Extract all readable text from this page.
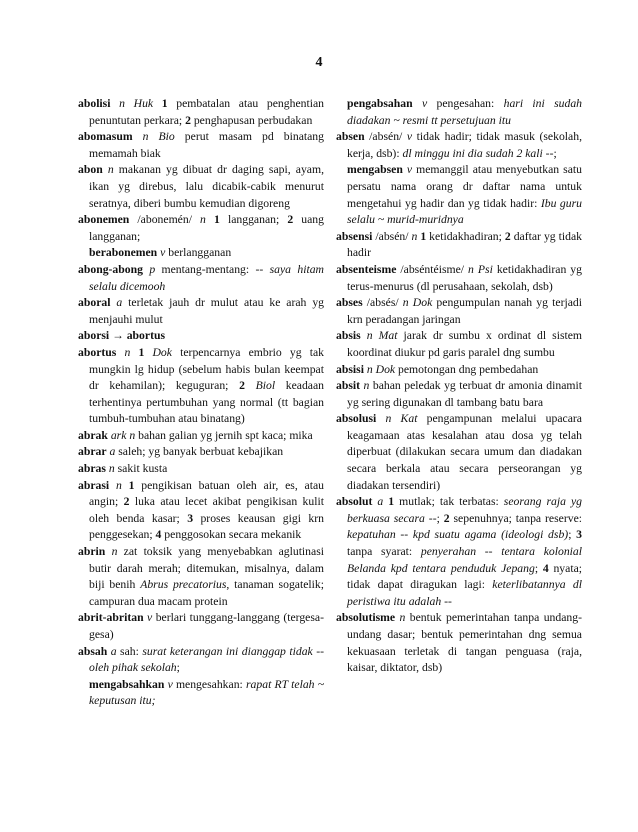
4

abolisi n Huk 1 pembatalan atau penghentian penuntutan perkara; 2 penghapusan perbudakan

abomasum n Bio perut masam pd binatang memamah biak

abon n makanan yg dibuat dr daging sapi, ayam, ikan yg direbus, lalu dicabik-cabik menurut seratnya, diberi bumbu kemudian digoreng

abonemen /abonemén/ n 1 langganan; 2 uang langganan;

berabonemen v berlangganan

abong-abong p mentang-mentang: -- saya hitam selalu dicemooh

aboral a terletak jauh dr mulut atau ke arah yg menjauhi mulut

aborsi → abortus

abortus n 1 Dok terpencarnya embrio yg tak mungkin lg hidup (sebelum habis bulan keempat dr kehamilan); keguguran; 2 Biol keadaan terhentinya pertumbuhan yang normal (tt bagian tumbuh-tumbuhan atau binatang)

abrak ark n bahan galian yg jernih spt kaca; mika

abrar a saleh; yg banyak berbuat kebajikan

abras n sakit kusta

abrasi n 1 pengikisan batuan oleh air, es, atau angin; 2 luka atau lecet akibat pengikisan kulit oleh benda kasar; 3 proses keausan gigi krn penggesekan; 4 penggosokan secara mekanik

abrin n zat toksik yang menyebabkan aglutinasi butir darah merah; ditemukan, misalnya, dalam biji benih Abrus precatorius, tanaman sogatelik; campuran dua macam protein

abrit-abritan v berlari tunggang-langgang (tergesa-gesa)

absah a sah: surat keterangan ini dianggap tidak -- oleh pihak sekolah;

mengabsahkan v mengesahkan: rapat RT telah ~ keputusan itu;

pengabsahan v pengesahan: hari ini sudah diadakan ~ resmi tt persetujuan itu

absen /absén/ v tidak hadir; tidak masuk (sekolah, kerja, dsb): dl minggu ini dia sudah 2 kali --;

mengabsen v memanggil atau menyebutkan satu persatu nama orang dr daftar nama untuk mengetahui yg hadir dan yg tidak hadir: Ibu guru selalu ~ murid-muridnya

absensi /absén/ n 1 ketidakhadiran; 2 daftar yg tidak hadir

absenteisme /abséntéisme/ n Psi ketidakhadiran yg terus-menurus (dl perusahaan, sekolah, dsb)

abses /absés/ n Dok pengumpulan nanah yg terjadi krn peradangan jaringan

absis n Mat jarak dr sumbu x ordinat dl sistem koordinat diukur pd garis paralel dng sumbu

absisi n Dok pemotongan dng pembedahan

absit n bahan peledak yg terbuat dr amonia dinamit yg sering digunakan dl tambang batu bara

absolusi n Kat pengampunan melalui upacara keagamaan atas kesalahan atau dosa yg telah diperbuat (dilakukan secara umum dan diadakan secara berkala atau secara perseorangan yg diadakan tersendiri)

absolut a 1 mutlak; tak terbatas: seorang raja yg berkuasa secara --; 2 sepenuhnya; tanpa reserve: kepatuhan -- kpd suatu agama (ideologi dsb); 3 tanpa syarat: penyerahan -- tentara kolonial Belanda kpd tentara penduduk Jepang; 4 nyata; tidak dapat diragukan lagi: keterlibatannya dl peristiwa itu adalah --

absolutisme n bentuk pemerintahan tanpa undang-undang dasar; bentuk pemerintahan dng semua kekuasaan terletak di tangan penguasa (raja, kaisar, diktator, dsb)
